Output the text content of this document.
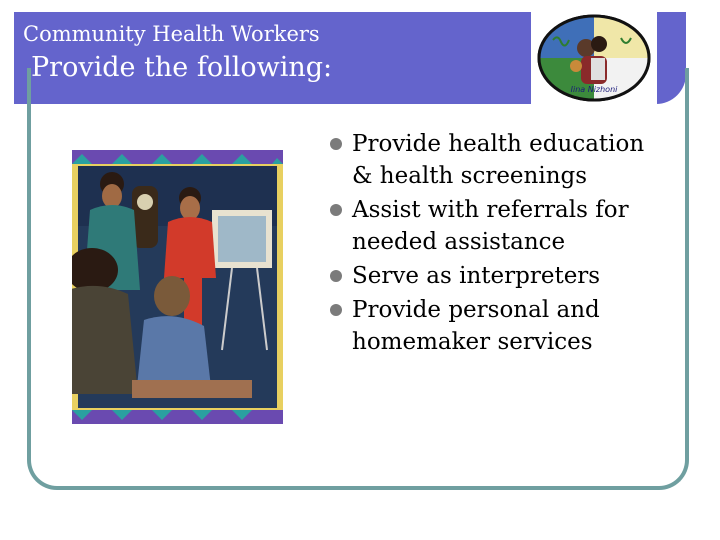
Community Health Workers
Provide the following:
Iina Nizhoni
Provide health education & health screenings
Assist with referrals for needed assistance
Serve as interpreters
Provide personal and homemaker services
